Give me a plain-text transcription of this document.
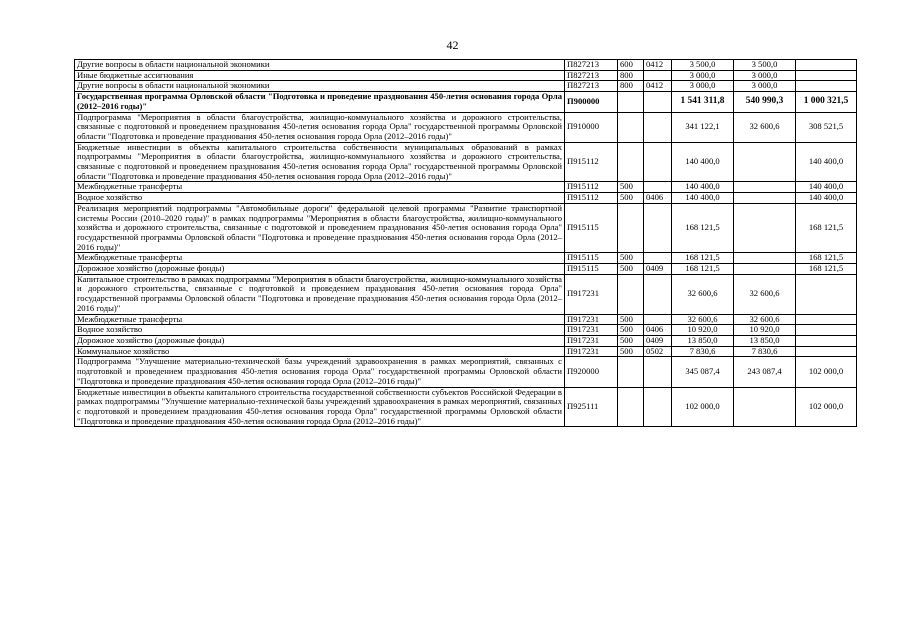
42
Другие вопросы в области национальной экономики	П827213	600	0412	3 500,0	3 500,0	
Иные бюджетные ассигнования	П827213	800		3 000,0	3 000,0	
Другие вопросы в области национальной экономики	П827213	800	0412	3 000,0	3 000,0	
Государственная программа Орловской области "Подготовка и проведение празднования 450-летия основания города Орла (2012–2016 годы)"	П900000			1 541 311,8	540 990,3	1 000 321,5
Подпрограмма "Мероприятия в области благоустройства, жилищно-коммунального хозяйства и дорожного строительства, связанные с подготовкой и проведением празднования 450-летия основания города Орла" государственной программы Орловской области "Подготовка и проведение празднования 450-летия основания города Орла (2012–2016 годы)"	П910000			341 122,1	32 600,6	308 521,5
Бюджетные инвестиции в объекты капитального строительства собственности муниципальных образований в рамках подпрограммы "Мероприятия в области благоустройства, жилищно-коммунального хозяйства и дорожного строительства, связанные с подготовкой и проведением празднования 450-летия основания города Орла" государственной программы Орловской области "Подготовка и проведение празднования 450-летия основания города Орла (2012–2016 годы)"	П915112			140 400,0		140 400,0
Межбюджетные трансферты	П915112	500		140 400,0		140 400,0
Водное хозяйство	П915112	500	0406	140 400,0		140 400,0
Реализация мероприятий подпрограммы "Автомобильные дороги" федеральной целевой программы "Развитие транспортной системы России (2010–2020 годы)" в рамках подпрограммы "Мероприятия в области благоустройства, жилищно-коммунального хозяйства и дорожного строительства, связанные с подготовкой и проведением празднования 450-летия основания города Орла" государственной программы Орловской области "Подготовка и проведение празднования 450-летия основания города Орла (2012–2016 годы)"	П915115			168 121,5		168 121,5
Межбюджетные трансферты	П915115	500		168 121,5		168 121,5
Дорожное хозяйство (дорожные фонды)	П915115	500	0409	168 121,5		168 121,5
Капитальное строительство в рамках подпрограммы "Мероприятия в области благоустройства, жилищно-коммунального хозяйства и дорожного строительства, связанные с подготовкой и проведением празднования 450-летия основания города Орла" государственной программы Орловской области "Подготовка и проведение празднования 450-летия основания города Орла (2012–2016 годы)"	П917231			32 600,6	32 600,6	
Межбюджетные трансферты	П917231	500		32 600,6	32 600,6	
Водное хозяйство	П917231	500	0406	10 920,0	10 920,0	
Дорожное хозяйство (дорожные фонды)	П917231	500	0409	13 850,0	13 850,0	
Коммунальное хозяйство	П917231	500	0502	7 830,6	7 830,6	
Подпрограмма "Улучшение материально-технической базы учреждений здравоохранения в рамках мероприятий, связанных с подготовкой и проведением празднования 450-летия основания города Орла" государственной программы Орловской области "Подготовка и проведение празднования 450-летия основания города Орла (2012–2016 годы)"	П920000			345 087,4	243 087,4	102 000,0
Бюджетные инвестиции в объекты капитального строительства государственной собственности субъектов Российской Федерации в рамках подпрограммы "Улучшение материально-технической базы учреждений здравоохранения в рамках мероприятий, связанных с подготовкой и проведением празднования 450-летия основания города Орла" государственной программы Орловской области "Подготовка и проведение празднования 450-летия основания города Орла (2012–2016 годы)"	П925111			102 000,0		102 000,0
